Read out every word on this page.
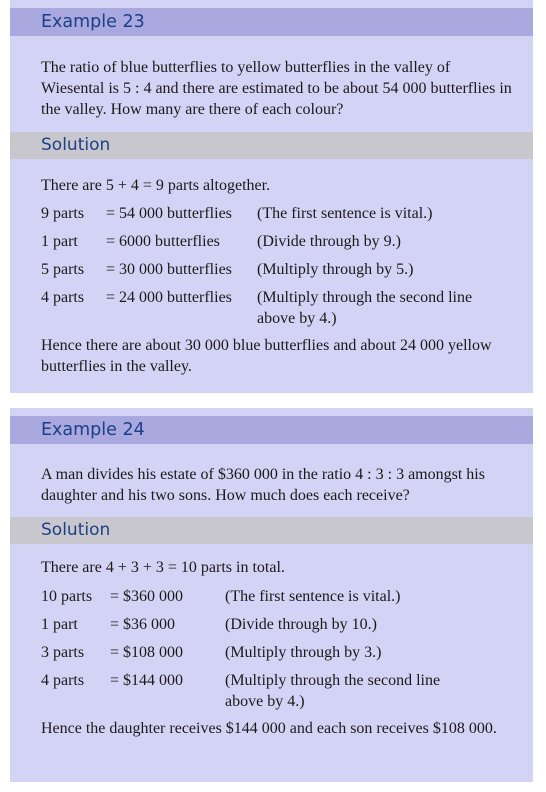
Example 23
The ratio of blue butterflies to yellow butterflies in the valley of Wiesental is 5 : 4 and there are estimated to be about 54 000 butterflies in the valley. How many are there of each colour?
Solution
There are 5 + 4 = 9 parts altogether.
9 parts = 54 000 butterflies (The first sentence is vital.)
1 part = 6000 butterflies (Divide through by 9.)
5 parts = 30 000 butterflies (Multiply through by 5.)
4 parts = 24 000 butterflies (Multiply through the second line above by 4.)
Hence there are about 30 000 blue butterflies and about 24 000 yellow butterflies in the valley.
Example 24
A man divides his estate of $360 000 in the ratio 4 : 3 : 3 amongst his daughter and his two sons. How much does each receive?
Solution
There are 4 + 3 + 3 = 10 parts in total.
10 parts = $360 000	(The first sentence is vital.)
1 part = $36 000	(Divide through by 10.)
3 parts = $108 000	(Multiply through by 3.)
4 parts = $144 000	(Multiply through the second line above by 4.)
Hence the daughter receives $144 000 and each son receives $108 000.
